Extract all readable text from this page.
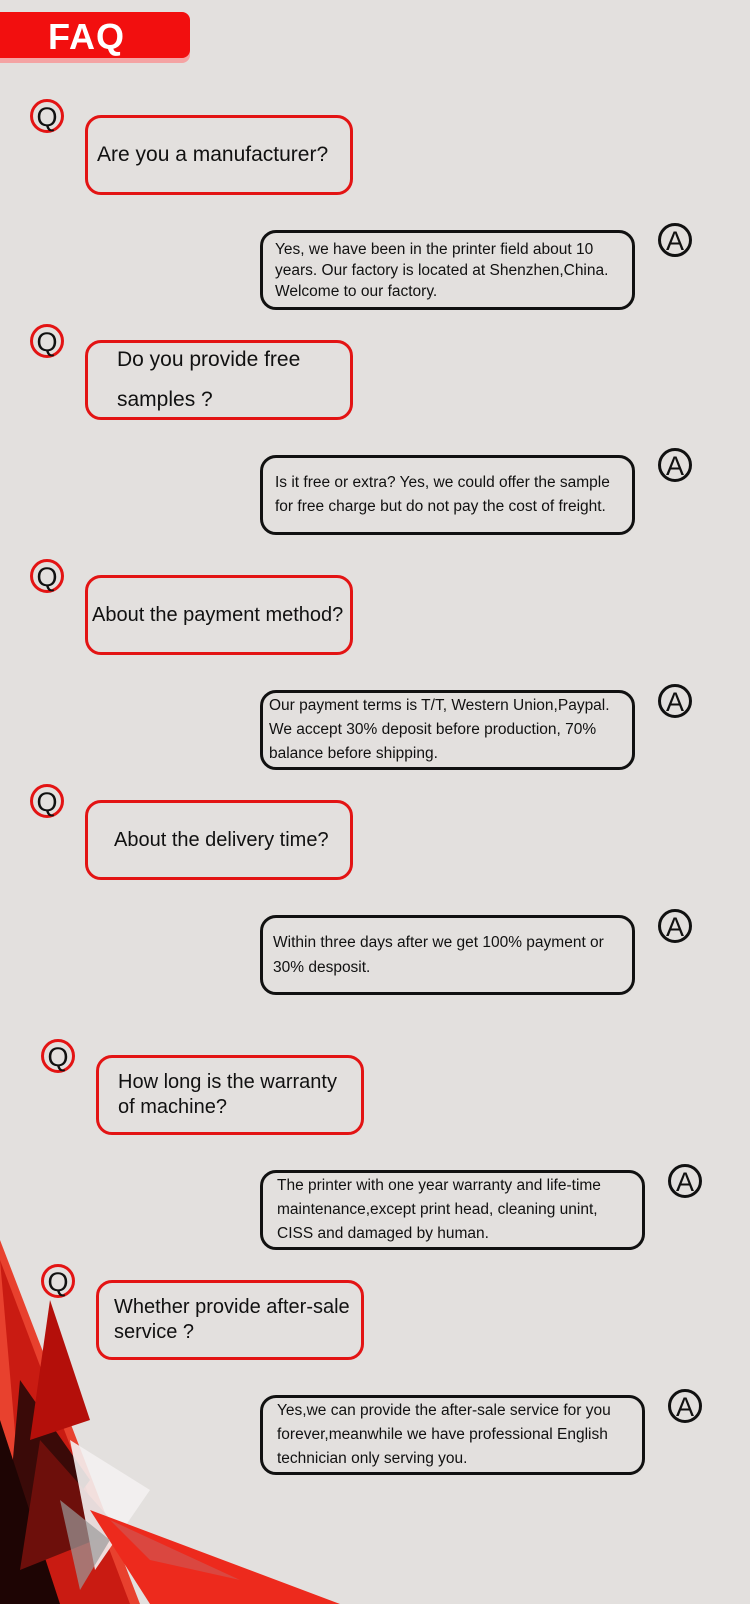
FAQ
Q
Are you a manufacturer?
A
Yes, we have been in the printer field about 10 years. Our factory is located at Shenzhen,China. Welcome to our factory.
Q
Do you provide free samples ?
A
Is it free or extra? Yes, we could offer the sample for free charge but do not pay the cost of freight.
Q
About the payment method?
A
Our payment terms is T/T, Western Union,Paypal. We accept 30% deposit before production, 70% balance before shipping.
Q
About the delivery time?
A
Within three days after we get 100% payment or 30% desposit.
Q
How long is the warranty of machine?
A
The printer with one year warranty and life-time maintenance,except print head, cleaning unint, CISS and damaged by human.
Q
Whether provide after-sale service ?
A
Yes,we can provide the after-sale service for you forever,meanwhile we have professional English technician only serving you.
